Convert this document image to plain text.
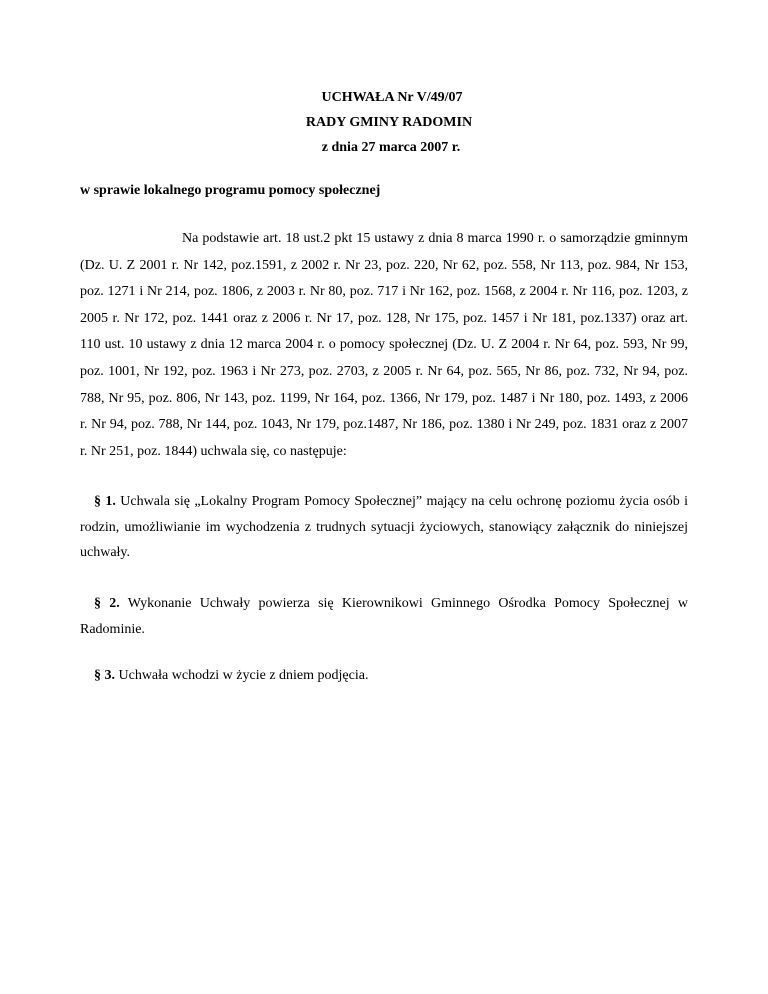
UCHWAŁA Nr V/49/07
RADY GMINY RADOMIN
z dnia 27 marca 2007 r.
w sprawie lokalnego programu pomocy społecznej
Na podstawie art. 18 ust.2 pkt 15 ustawy z dnia 8 marca 1990 r. o samorządzie gminnym (Dz. U. Z 2001 r. Nr 142, poz.1591, z 2002 r. Nr 23, poz. 220, Nr 62, poz. 558, Nr 113, poz. 984, Nr 153, poz. 1271 i Nr 214, poz. 1806, z 2003 r. Nr 80, poz. 717 i Nr 162, poz. 1568, z 2004 r. Nr 116, poz. 1203, z 2005 r. Nr 172, poz. 1441 oraz z 2006 r. Nr 17, poz. 128, Nr 175, poz. 1457 i Nr 181, poz.1337) oraz art. 110 ust. 10 ustawy z dnia 12 marca 2004 r. o pomocy społecznej (Dz. U. Z 2004 r. Nr 64, poz. 593, Nr 99, poz. 1001, Nr 192, poz. 1963 i Nr 273, poz. 2703, z 2005 r. Nr 64, poz. 565, Nr 86, poz. 732, Nr 94, poz. 788, Nr 95, poz. 806, Nr 143, poz. 1199, Nr 164, poz. 1366, Nr 179, poz. 1487 i Nr 180, poz. 1493, z 2006 r. Nr 94, poz. 788, Nr 144, poz. 1043, Nr 179, poz.1487, Nr 186, poz. 1380 i Nr 249, poz. 1831 oraz z 2007 r. Nr 251, poz. 1844) uchwala się, co następuje:
§ 1. Uchwala się „Lokalny Program Pomocy Społecznej” mający na celu ochronę poziomu życia osób i rodzin, umożliwianie im wychodzenia z trudnych sytuacji życiowych, stanowiący załącznik do niniejszej uchwały.
§ 2. Wykonanie Uchwały powierza się Kierownikowi Gminnego Ośrodka Pomocy Społecznej w Radominie.
§ 3. Uchwała wchodzi w życie z dniem podjęcia.
